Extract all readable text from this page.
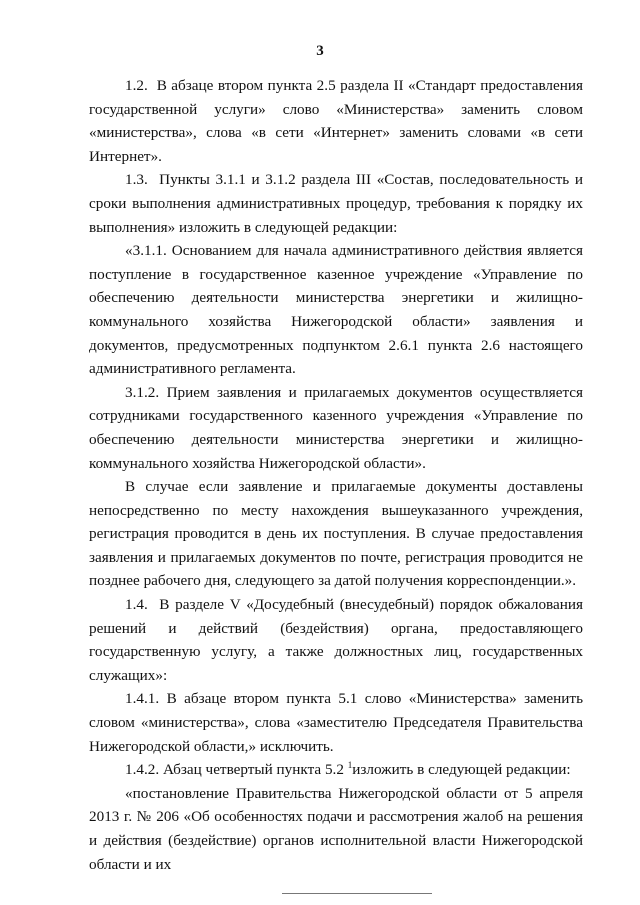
3

1.2.  В абзаце втором пункта 2.5 раздела II «Стандарт предоставления государственной услуги» слово «Министерства» заменить словом «министерства», слова «в сети «Интернет» заменить словами «в сети Интернет».

1.3.  Пункты 3.1.1 и 3.1.2 раздела III «Состав, последовательность и сроки выполнения административных процедур, требования к порядку их выполнения» изложить в следующей редакции:

«3.1.1. Основанием для начала административного действия является поступление в государственное казенное учреждение «Управление по обеспечению деятельности министерства энергетики и жилищно-коммунального хозяйства Нижегородской области» заявления и документов, предусмотренных подпунктом 2.6.1 пункта 2.6 настоящего административного регламента.

3.1.2. Прием заявления и прилагаемых документов осуществляется сотрудниками государственного казенного учреждения «Управление по обеспечению деятельности министерства энергетики и жилищно-коммунального хозяйства Нижегородской области».

В случае если заявление и прилагаемые документы доставлены непосредственно по месту нахождения вышеуказанного учреждения, регистрация проводится в день их поступления. В случае предоставления заявления и прилагаемых документов по почте, регистрация проводится не позднее рабочего дня, следующего за датой получения корреспонденции.».

1.4.  В разделе V «Досудебный (внесудебный) порядок обжалования решений и действий (бездействия) органа, предоставляющего государственную услугу, а также должностных лиц, государственных служащих»:

1.4.1. В абзаце втором пункта 5.1 слово «Министерства» заменить словом «министерства», слова «заместителю Председателя Правительства Нижегородской области,» исключить.

1.4.2. Абзац четвертый пункта 5.2 $^1$изложить в следующей редакции:

«постановление Правительства Нижегородской области от 5 апреля 2013 г. № 206 «Об особенностях подачи и рассмотрения жалоб на решения и действия (бездействие) органов исполнительной власти Нижегородской области и их
